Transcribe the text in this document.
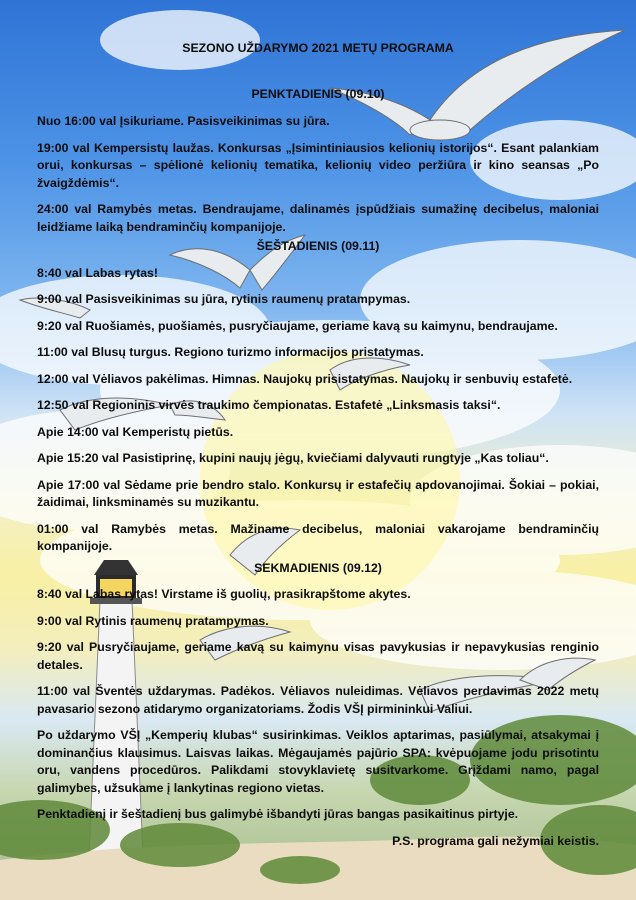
SEZONO UŽDARYMO 2021 METŲ PROGRAMA
PENKTADIENIS (09.10)

Nuo 16:00 val Įsikuriame. Pasisveikinimas su jūra.

19:00 val Kempersistų laužas. Konkursas „Įsimintiniausios kelionių istorijos“. Esant palankiam orui, konkursas – spėlionė kelionių tematika, kelionių video peržiūra ir kino seansas „Po žvaigždėmis“.

24:00 val Ramybės metas. Bendraujame, dalinamės įspūdžiais sumažinę decibelus, maloniai leidžiame laiką bendraminčių kompanijoje.

ŠEŠTADIENIS (09.11)

8:40 val Labas rytas!

9:00 val Pasisveikinimas su jūra, rytinis raumenų pratampymas.

9:20 val Ruošiamės, puošiamės, pusryčiaujame, geriame kavą su kaimynu, bendraujame.

11:00 val Blusų turgus. Regiono turizmo informacijos pristatymas.

12:00 val Vėliavos pakėlimas. Himnas. Naujokų prisistatymas. Naujokų ir senbuvių estafetė.

12:50 val Regioninis virvės traukimo čempionatas. Estafetė „Linksmasis taksi“.

Apie 14:00 val Kemperistų pietūs.

Apie 15:20 val Pasistiprinę, kupini naujų jėgų, kviečiami dalyvauti rungtyje „Kas toliau“.

Apie 17:00 val Sėdame prie bendro stalo. Konkursų ir estafečių apdovanojimai. Šokiai – pokiai, žaidimai, linksminamės su muzikantu.

01:00 val Ramybės metas. Mažiname decibelus, maloniai vakarojame bendraminčių kompanijoje.

SEKMADIENIS (09.12)

8:40 val Labas rytas! Virstame iš guolių, prasikrapštome akytes.

9:00 val Rytinis raumenų pratampymas.

9:20 val Pusryčiaujame, geriame kavą su kaimynu visas pavykusias ir nepavykusias renginio detales.

11:00 val Šventės uždarymas. Padėkos. Vėliavos nuleidimas. Vėliavos perdavimas 2022 metų pavasario sezono atidarymo organizatoriams. Žodis VŠĮ pirmininkui Valiui.

Po uždarymo VŠĮ „Kemperių klubas“ susirinkimas. Veiklos aptarimas, pasiūlymai, atsakymai į dominančius klausimus. Laisvas laikas. Mėgaujamės pajūrio SPA: kvėpuojame jodu prisotintu oru, vandens procedūros. Palikdami stovyklavietę susitvarkome. Grįždami namo, pagal galimybes, užsukame į lankytinas regiono vietas.

Penktadienį ir šeštadienį bus galimybė išbandyti jūras bangas pasikaitinus pirtyje.

P.S. programa gali nežymiai keistis.
